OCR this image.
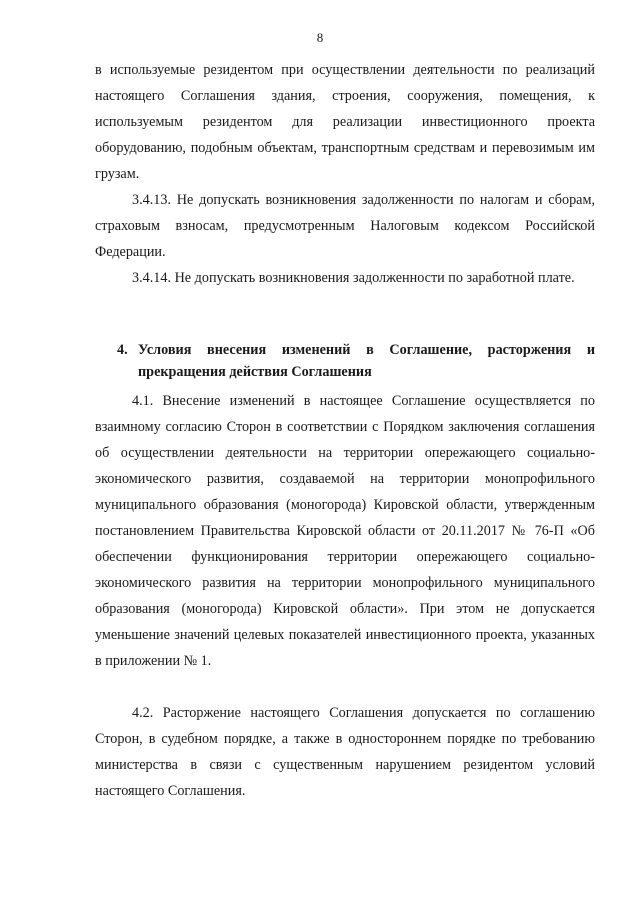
8

в используемые резидентом при осуществлении деятельности по реализаций настоящего Соглашения здания, строения, сооружения, помещения, к используемым резидентом для реализации инвестиционного проекта оборудованию, подобным объектам, транспортным средствам и перевозимым им грузам.

3.4.13. Не допускать возникновения задолженности по налогам и сборам, страховым взносам, предусмотренным Налоговым кодексом Российской Федерации.

3.4.14. Не допускать возникновения задолженности по заработной плате.

4. Условия внесения изменений в Соглашение, расторжения и прекращения действия Соглашения

4.1. Внесение изменений в настоящее Соглашение осуществляется по взаимному согласию Сторон в соответствии с Порядком заключения соглашения об осуществлении деятельности на территории опережающего социально-экономического развития, создаваемой на территории монопрофильного муниципального образования (моногорода) Кировской области, утвержденным постановлением Правительства Кировской области от 20.11.2017 № 76-П «Об обеспечении функционирования территории опережающего социально-экономического развития на территории монопрофильного муниципального образования (моногорода) Кировской области». При этом не допускается уменьшение значений целевых показателей инвестиционного проекта, указанных в приложении № 1.

4.2. Расторжение настоящего Соглашения допускается по соглашению Сторон, в судебном порядке, а также в одностороннем порядке по требованию министерства в связи с существенным нарушением резидентом условий настоящего Соглашения.
